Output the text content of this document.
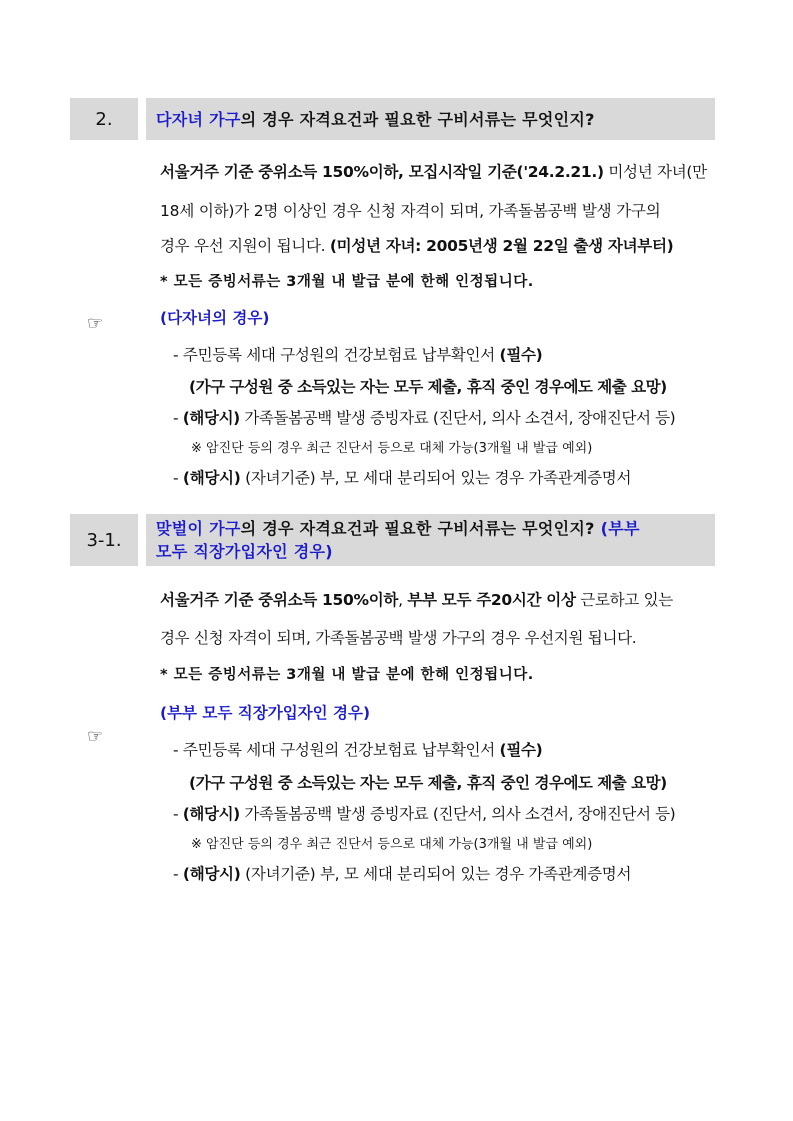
2.	다자녀 가구의 경우 자격요건과 필요한 구비서류는 무엇인지?
서울거주 기준 중위소득 150%이하, 모집시작일 기준('24.2.21.) 미성년 자녀(만
18세 이하)가 2명 이상인 경우 신청 자격이 되며, 가족돌봄공백 발생 가구의
경우 우선 지원이 됩니다. (미성년 자녀: 2005년생 2월 22일 출생 자녀부터)
* 모든 증빙서류는 3개월 내 발급 분에 한해 인정됩니다.
(다자녀의 경우)
☞
- 주민등록 세대 구성원의 건강보험료 납부확인서 (필수)
(가구 구성원 중 소득있는 자는 모두 제출, 휴직 중인 경우에도 제출 요망)
- (해당시) 가족돌봄공백 발생 증빙자료 (진단서, 의사 소견서, 장애진단서 등)
※ 암진단 등의 경우 최근 진단서 등으로 대체 가능(3개월 내 발급 예외)
- (해당시) (자녀기준) 부, 모 세대 분리되어 있는 경우 가족관계증명서
3-1.
맞벌이 가구의 경우 자격요건과 필요한 구비서류는 무엇인지? (부부
모두 직장가입자인 경우)
서울거주 기준 중위소득 150%이하, 부부 모두 주20시간 이상 근로하고 있는
경우 신청 자격이 되며, 가족돌봄공백 발생 가구의 경우 우선지원 됩니다.
* 모든 증빙서류는 3개월 내 발급 분에 한해 인정됩니다.
(부부 모두 직장가입자인 경우)
☞
- 주민등록 세대 구성원의 건강보험료 납부확인서 (필수)
(가구 구성원 중 소득있는 자는 모두 제출, 휴직 중인 경우에도 제출 요망)
- (해당시) 가족돌봄공백 발생 증빙자료 (진단서, 의사 소견서, 장애진단서 등)
※ 암진단 등의 경우 최근 진단서 등으로 대체 가능(3개월 내 발급 예외)
- (해당시) (자녀기준) 부, 모 세대 분리되어 있는 경우 가족관계증명서
